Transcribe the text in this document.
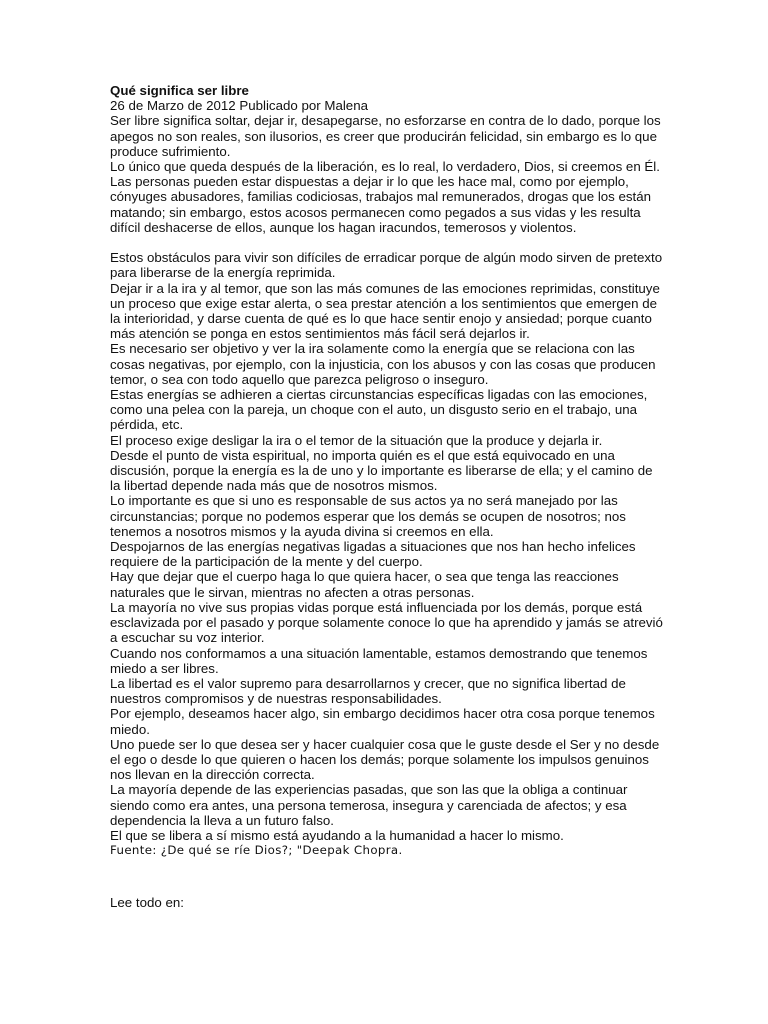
Qué significa ser libre

26 de Marzo de 2012 Publicado por Malena

Ser libre significa soltar, dejar ir, desapegarse, no esforzarse en contra de lo dado, porque los apegos no son reales, son ilusorios, es creer que producirán felicidad, sin embargo es lo que produce sufrimiento.

Lo único que queda después de la liberación, es lo real, lo verdadero, Dios, si creemos en Él.

Las personas pueden estar dispuestas a dejar ir lo que les hace mal, como por ejemplo, cónyuges abusadores, familias codiciosas, trabajos mal remunerados, drogas que los están matando; sin embargo, estos acosos permanecen como pegados a sus vidas y les resulta difícil deshacerse de ellos, aunque los hagan iracundos, temerosos y violentos.

Estos obstáculos para vivir son difíciles de erradicar porque de algún modo sirven de pretexto para liberarse de la energía reprimida.

Dejar ir a la ira y al temor, que son las más comunes de las emociones reprimidas, constituye un proceso que exige estar alerta, o sea prestar atención a los sentimientos que emergen de la interioridad, y darse cuenta de qué es lo que hace sentir enojo y ansiedad; porque cuanto más atención se ponga en estos sentimientos más fácil será dejarlos ir.

Es necesario ser objetivo y ver la ira solamente como la energía que se relaciona con las cosas negativas, por ejemplo, con la injusticia, con los abusos y con las cosas que producen temor, o sea con todo aquello que parezca peligroso o inseguro.

Estas energías se adhieren a ciertas circunstancias específicas ligadas con las emociones, como una pelea con la pareja, un choque con el auto, un disgusto serio en el trabajo, una pérdida, etc.

El proceso exige desligar la ira o el temor de la situación que la produce y dejarla ir.

Desde el punto de vista espiritual, no importa quién es el que está equivocado en una discusión, porque la energía es la de uno y lo importante es liberarse de ella; y el camino de la libertad depende nada más que de nosotros mismos.

Lo importante es que si uno es responsable de sus actos ya no será manejado por las circunstancias; porque no podemos esperar que los demás se ocupen de nosotros; nos tenemos a nosotros mismos y la ayuda divina si creemos en ella.

Despojarnos de las energías negativas ligadas a situaciones que nos han hecho infelices requiere de la participación de la mente y del cuerpo.

Hay que dejar que el cuerpo haga lo que quiera hacer, o sea que tenga las reacciones naturales que le sirvan, mientras no afecten a otras personas.

La mayoría no vive sus propias vidas porque está influenciada por los demás, porque está esclavizada por el pasado y porque solamente conoce lo que ha aprendido y jamás se atrevió a escuchar su voz interior.

Cuando nos conformamos a una situación lamentable, estamos demostrando que tenemos miedo a ser libres.

La libertad es el valor supremo para desarrollarnos y crecer, que no significa libertad de nuestros compromisos y de nuestras responsabilidades.

Por ejemplo, deseamos hacer algo, sin embargo decidimos hacer otra cosa porque tenemos miedo.

Uno puede ser lo que desea ser y hacer cualquier cosa que le guste desde el Ser y no desde el ego o desde lo que quieren o hacen los demás; porque solamente los impulsos genuinos nos llevan en la dirección correcta.

La mayoría depende de las experiencias pasadas, que son las que la obliga a continuar siendo como era antes, una persona temerosa, insegura y carenciada de afectos; y esa dependencia la lleva a un futuro falso.

El que se libera a sí mismo está ayudando a la humanidad a hacer lo mismo.

Fuente: ¿De qué se ríe Dios?; "Deepak Chopra.

Lee todo en:
